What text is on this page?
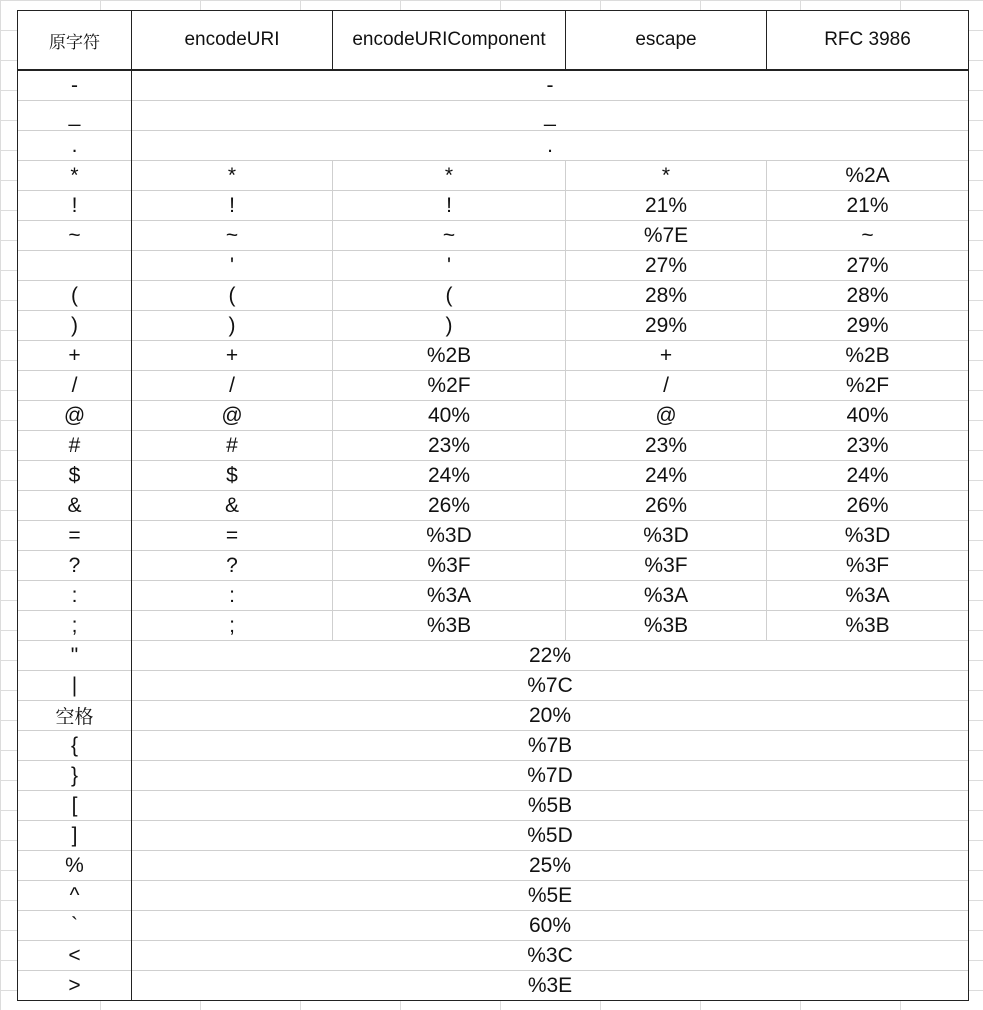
原字符	encodeURI	encodeURIComponent	escape	RFC 3986
-	-			
_	_			
.	.			
*	*	*	*	%2A
!	!	!	21%	21%
~	~	~	%7E	~
	'	'	27%	27%
(	(	(	28%	28%
)	)	)	29%	29%
+	+	%2B	+	%2B
/	/	%2F	/	%2F
@	@	40%	@	40%
#	#	23%	23%	23%
$	$	24%	24%	24%
&	&	26%	26%	26%
=	=	%3D	%3D	%3D
?	?	%3F	%3F	%3F
:	:	%3A	%3A	%3A
;	;	%3B	%3B	%3B
"	22%			
|	%7C			
空格	20%			
{	%7B			
}	%7D			
[	%5B			
]	%5D			
%	25%			
^	%5E			
`	60%			
<	%3C			
>	%3E			
